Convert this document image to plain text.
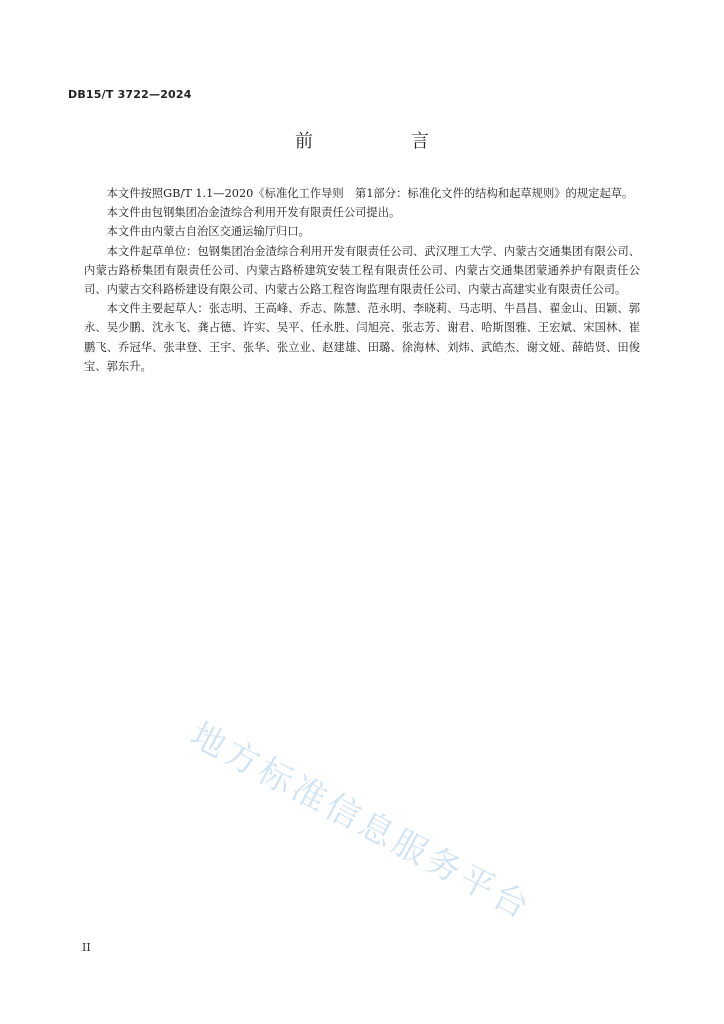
DB15/T 3722—2024
前　言

本文件按照GB/T 1.1—2020《标准化工作导则　第1部分：标准化文件的结构和起草规则》的规定起草。

本文件由包钢集团冶金渣综合利用开发有限责任公司提出。

本文件由内蒙古自治区交通运输厅归口。

本文件起草单位：包钢集团冶金渣综合利用开发有限责任公司、武汉理工大学、内蒙古交通集团有限公司、内蒙古路桥集团有限责任公司、内蒙古路桥建筑安装工程有限责任公司、内蒙古交通集团蒙通养护有限责任公司、内蒙古交科路桥建设有限公司、内蒙古公路工程咨询监理有限责任公司、内蒙古高建实业有限责任公司。

本文件主要起草人：张志明、王高峰、乔志、陈慧、范永明、李晓莉、马志明、牛昌昌、翟金山、田颖、郭永、吴少鹏、沈永飞、龚占德、许实、吴平、任永胜、闫旭亮、张志芳、谢君、哈斯图雅、王宏斌、宋国林、崔鹏飞、乔冠华、张聿登、王宇、张华、张立业、赵建雄、田璐、徐海林、刘炜、武皓杰、谢文娅、薛皓贤、田俊宝、郭东升。

地方标准信息服务平台
II
